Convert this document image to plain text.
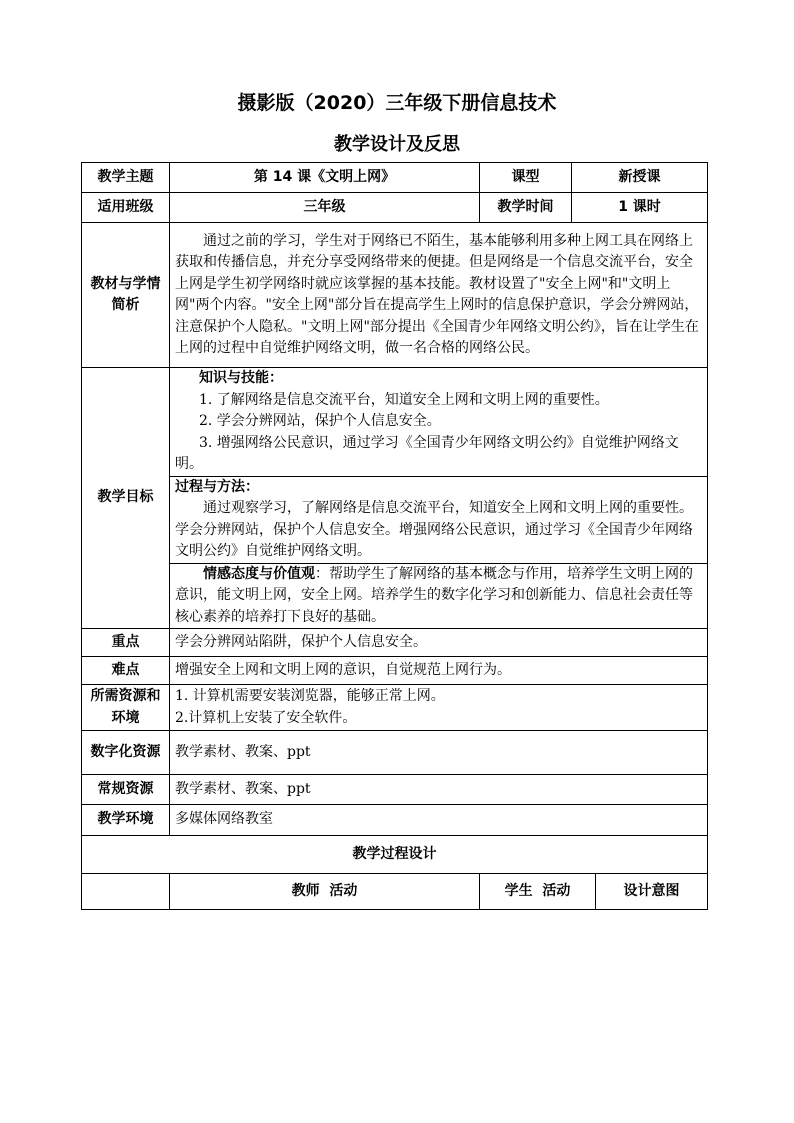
摄影版（2020）三年级下册信息技术
教学设计及反思
教学主题	第 14 课《文明上网》	课型	新授课	
适用班级	三年级	教学时间	1 课时	
教材与学情简析	通过之前的学习，学生对于网络已不陌生，基本能够利用多种上网工具在网络上获取和传播信息，并充分享受网络带来的便捷。但是网络是一个信息交流平台，安全上网是学生初学网络时就应该掌握的基本技能。教材设置了"安全上网"和"文明上网"两个内容。"安全上网"部分旨在提高学生上网时的信息保护意识，学会分辨网站，注意保护个人隐私。"文明上网"部分提出《全国青少年网络文明公约》，旨在让学生在上网的过程中自觉维护网络文明，做一名合格的网络公民。			

教学目标	知识与技能：

1. 了解网络是信息交流平台，知道安全上网和文明上网的重要性。

2. 学会分辨网站，保护个人信息安全。

3. 增强网络公民意识，通过学习《全国青少年网络文明公约》自觉维护网络文明。			

	过程与方法：

通过观察学习，了解网络是信息交流平台，知道安全上网和文明上网的重要性。学会分辨网站，保护个人信息安全。增强网络公民意识，通过学习《全国青少年网络文明公约》自觉维护网络文明。			

	情感态度与价值观：帮助学生了解网络的基本概念与作用，培养学生文明上网的意识，能文明上网，安全上网。培养学生的数字化学习和创新能力、信息社会责任等核心素养的培养打下良好的基础。			

重点	学会分辨网站陷阱，保护个人信息安全。			
难点	增强安全上网和文明上网的意识，自觉规范上网行为。			
所需资源和环境	1. 计算机需要安装浏览器，能够正常上网。

2.计算机上安装了安全软件。			

数字化资源	教学素材、教案、ppt			
常规资源	教学素材、教案、ppt			
教学环境	多媒体网络教室			
教学过程设计				
	教师  活动	学生  活动		设计意图
